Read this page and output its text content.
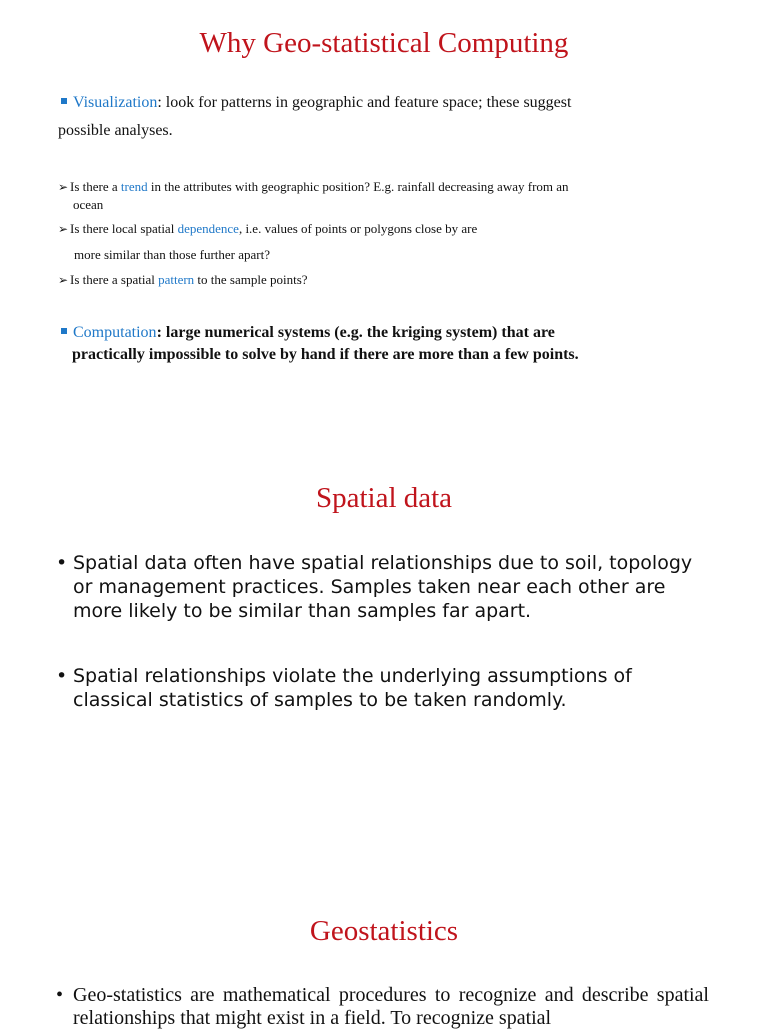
Why Geo-statistical Computing
Visualization: look for patterns in geographic and feature space; these suggest
possible analyses.
➢ Is there a trend in the attributes with geographic position? E.g. rainfall decreasing away from an
ocean
➢ Is there local spatial dependence, i.e. values of points or polygons close by are
more similar than those further apart?
➢ Is there a spatial pattern to the sample points?
Computation: large numerical systems (e.g. the kriging system) that are
practically impossible to solve by hand if there are more than a few points.
Spatial data
• Spatial data often have spatial relationships due to soil, topology or management practices. Samples taken near each other are more likely to be similar than samples far apart.
• Spatial relationships violate the underlying assumptions of classical statistics of samples to be taken randomly.
Geostatistics
• Geo-statistics are mathematical procedures to recognize and describe spatial relationships that might exist in a field. To recognize spatial
